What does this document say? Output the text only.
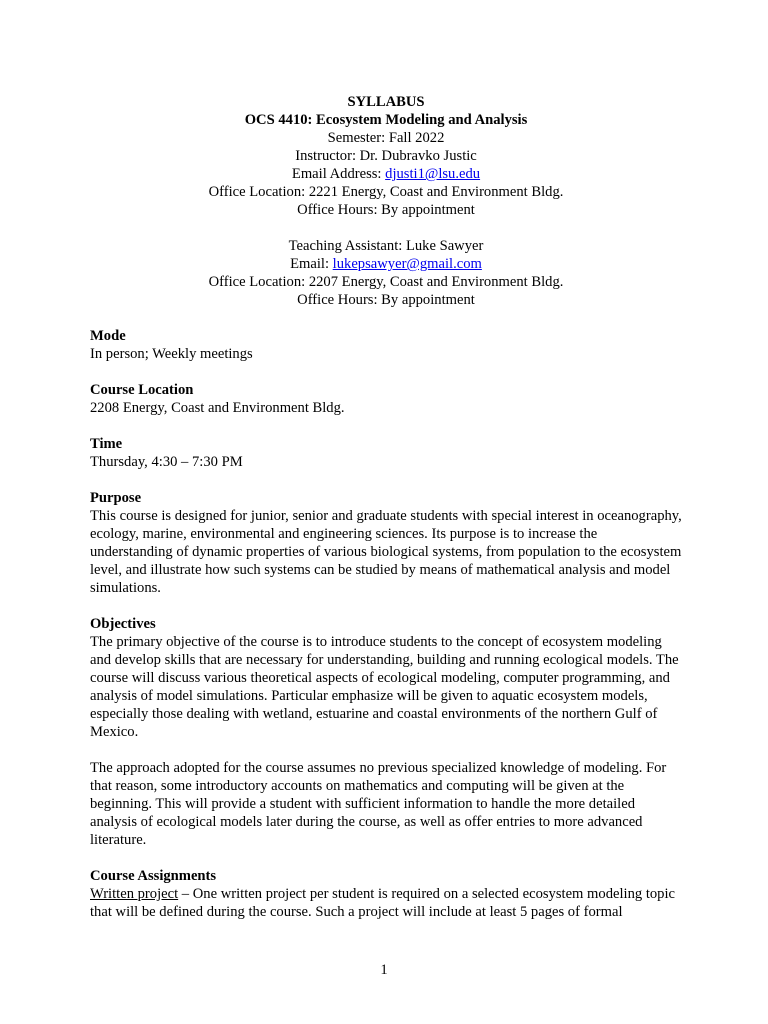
SYLLABUS
OCS 4410: Ecosystem Modeling and Analysis
Semester: Fall 2022
Instructor: Dr. Dubravko Justic
Email Address: djusti1@lsu.edu
Office Location: 2221 Energy, Coast and Environment Bldg.
Office Hours: By appointment
Teaching Assistant: Luke Sawyer
Email: lukepsawyer@gmail.com
Office Location: 2207 Energy, Coast and Environment Bldg.
Office Hours: By appointment
Mode

In person; Weekly meetings

Course Location

2208 Energy, Coast and Environment Bldg.

Time

Thursday, 4:30 – 7:30 PM

Purpose

This course is designed for junior, senior and graduate students with special interest in oceanography, ecology, marine, environmental and engineering sciences. Its purpose is to increase the understanding of dynamic properties of various biological systems, from population to the ecosystem level, and illustrate how such systems can be studied by means of mathematical analysis and model simulations.

Objectives

The primary objective of the course is to introduce students to the concept of ecosystem modeling and develop skills that are necessary for understanding, building and running ecological models. The course will discuss various theoretical aspects of ecological modeling, computer programming, and analysis of model simulations. Particular emphasize will be given to aquatic ecosystem models, especially those dealing with wetland, estuarine and coastal environments of the northern Gulf of Mexico.

The approach adopted for the course assumes no previous specialized knowledge of modeling. For that reason, some introductory accounts on mathematics and computing will be given at the beginning. This will provide a student with sufficient information to handle the more detailed analysis of ecological models later during the course, as well as offer entries to more advanced literature.

Course Assignments

Written project – One written project per student is required on a selected ecosystem modeling topic that will be defined during the course. Such a project will include at least 5 pages of formal

1
